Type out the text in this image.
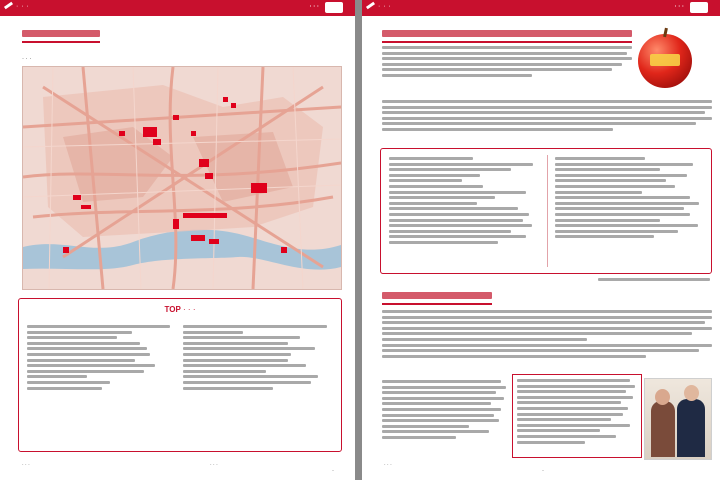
· · ·	· · ·
· · ·
TOP · · ·
· · ·	· · ·
·
· · ·	· · ·
· · ·
·
